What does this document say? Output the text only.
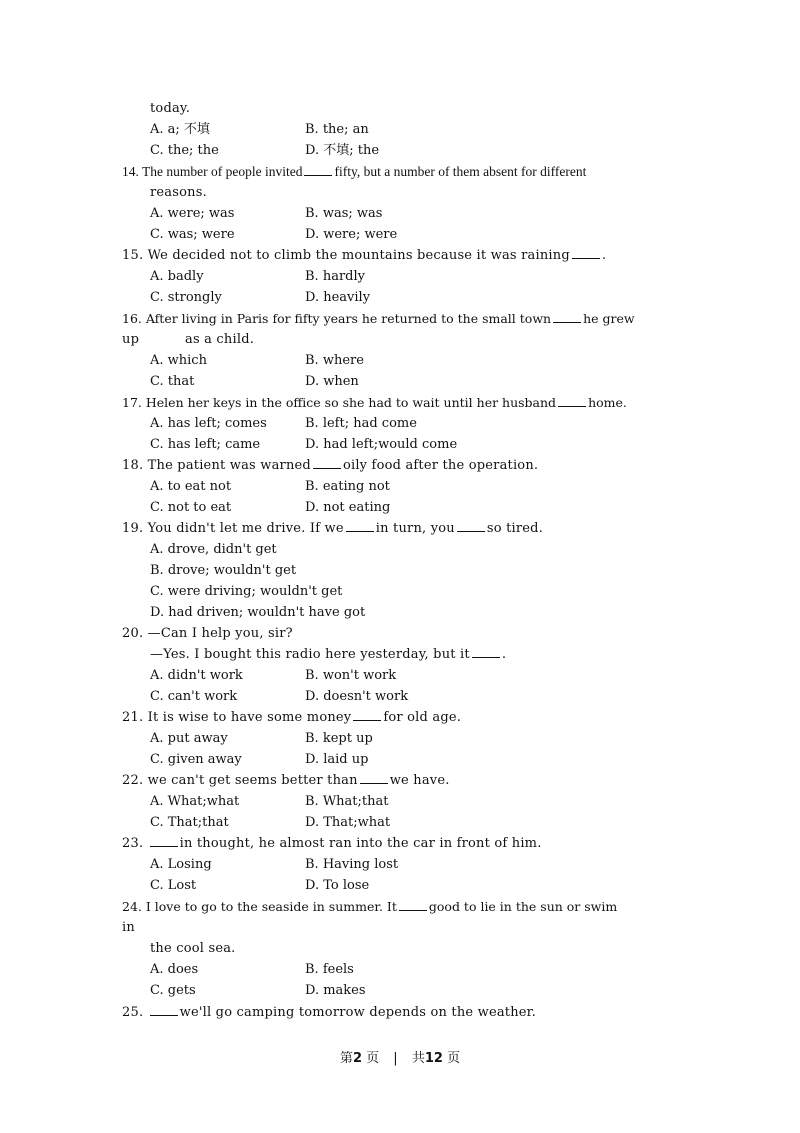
today.
A. a; 不填	B. the; an
C. the; the	D. 不填; the
14. The number of people invited fifty, but a number of them absent for different
reasons.
A. were; was	B. was; was
C. was; were	D. were; were
15. We decided not to climb the mountains because it was raining .
A. badly	B. hardly
C. strongly	D. heavily
16. After living in Paris for fifty years he returned to the small town	he grew
up	as a child.
A. which	B. where
C. that	D. when
17. Helen her keys in the office so she had to wait until her husband	home.
A. has left; comes	B. left; had come
C. has left; came	D. had left;would come
18. The patient was warned oily food after the operation.
A. to eat not	B. eating not
C. not to eat	D. not eating
19. You didn't let me drive. If we in turn, you so tired.
A. drove, didn't get
B. drove; wouldn't get
C. were driving; wouldn't get
D. had driven; wouldn't have got
20. —Can I help you, sir?
—Yes. I bought this radio here yesterday, but it .
A. didn't work	B. won't work
C. can't work	D. doesn't work
21. It is wise to have some money for old age.
A. put away	B. kept up
C. given away	D. laid up
22. we can't get seems better than we have.
A. What;what	B. What;that
C. That;that	D. That;what
23.	in thought, he almost ran into the car in front of him.
A. Losing	B. Having lost
C. Lost	D. To lose
24. I love to go to the seaside in summer. It	good to lie in the sun or swim
in
the cool sea.
A. does	B. feels
C. gets	D. makes
25.	we'll go camping tomorrow depends on the weather.
第2 页 | 共12 页
